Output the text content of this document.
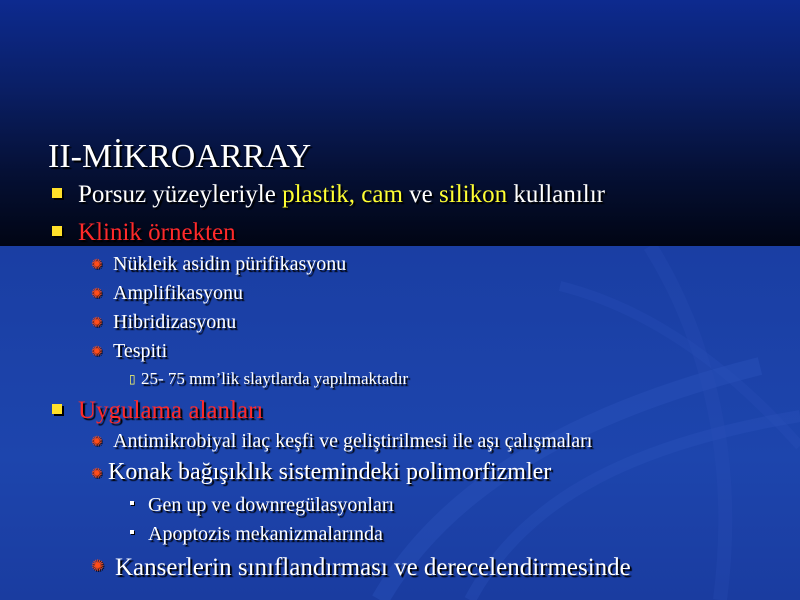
II-MİKROARRAY
Porsuz yüzeyleriyle plastik, cam ve silikon kullanılır
Klinik örnekten
✺ Nükleik asidin pürifikasyonu
✺ Amplifikasyonu
✺ Hibridizasyonu
✺ Tespiti
▯ 25- 75 mm’lik slaytlarda yapılmaktadır
Uygulama alanları
✺ Antimikrobiyal ilaç keşfi ve geliştirilmesi ile aşı çalışmaları
✺ Konak bağışıklık sistemindeki polimorfizmler
Gen up ve downregülasyonları
Apoptozis mekanizmalarında
✺ Kanserlerin sınıflandırması ve derecelendirmesinde
